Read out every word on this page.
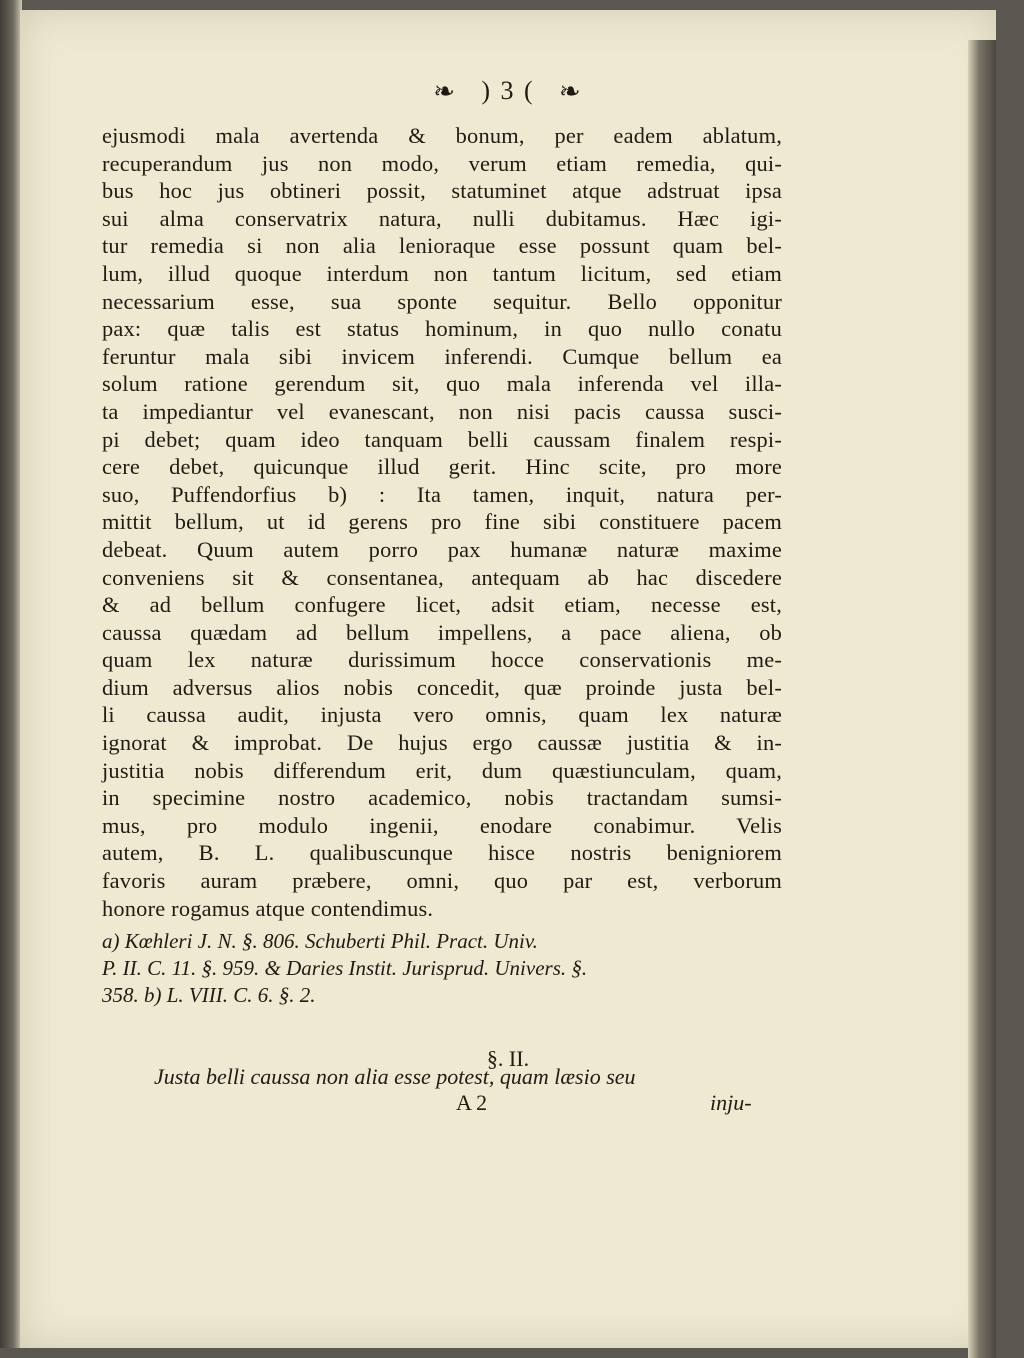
❧ ) 3 ( ❧
ejusmodi mala avertenda & bonum, per eadem ablatum,
recuperandum jus non modo, verum etiam remedia, qui-
bus hoc jus obtineri possit, statuminet atque adstruat ipsa
sui alma conservatrix natura, nulli dubitamus. Hæc igi-
tur remedia si non alia lenioraque esse possunt quam bel-
lum, illud quoque interdum non tantum licitum, sed etiam
necessarium esse, sua sponte sequitur. Bello opponitur
pax: quæ talis est status hominum, in quo nullo conatu
feruntur mala sibi invicem inferendi. Cumque bellum ea
solum ratione gerendum sit, quo mala inferenda vel illa-
ta impediantur vel evanescant, non nisi pacis caussa susci-
pi debet; quam ideo tanquam belli caussam finalem respi-
cere debet, quicunque illud gerit. Hinc scite, pro more
suo, Puffendorfius b) : Ita tamen, inquit, natura per-
mittit bellum, ut id gerens pro fine sibi constituere pacem
debeat. Quum autem porro pax humanæ naturæ maxime
conveniens sit & consentanea, antequam ab hac discedere
& ad bellum confugere licet, adsit etiam, necesse est,
caussa quædam ad bellum impellens, a pace aliena, ob
quam lex naturæ durissimum hocce conservationis me-
dium adversus alios nobis concedit, quæ proinde justa bel-
li caussa audit, injusta vero omnis, quam lex naturæ
ignorat & improbat. De hujus ergo caussæ justitia & in-
justitia nobis differendum erit, dum quæstiunculam, quam,
in specimine nostro academico, nobis tractandam sumsi-
mus, pro modulo ingenii, enodare conabimur. Velis
autem, B. L. qualibuscunque hisce nostris benigniorem
favoris auram præbere, omni, quo par est, verborum
honore rogamus atque contendimus.
a) Kœhleri J. N. §. 806. Schuberti Phil. Pract. Univ.
P. II. C. 11. §. 959. & Daries Instit. Jurisprud. Univers. §.
358. b) L. VIII. C. 6. §. 2.
§. II.
Justa belli caussa non alia esse potest, quam læsio seu
A 2	inju-
